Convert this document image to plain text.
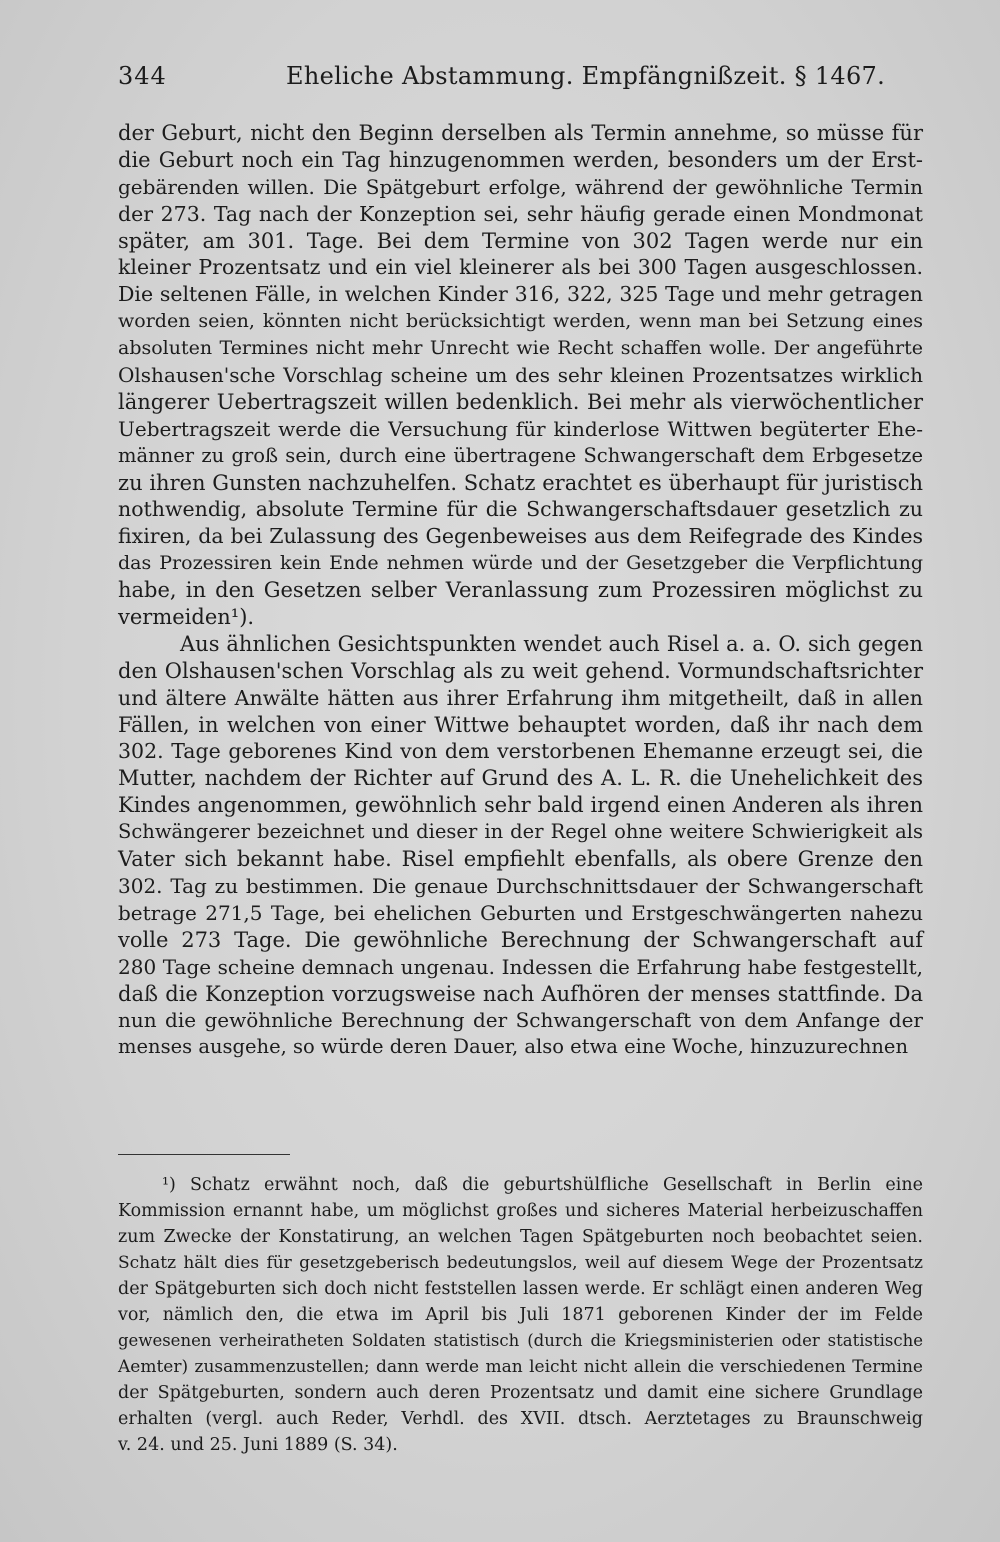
344	Eheliche Abstammung. Empfängnißzeit. § 1467.
der Geburt, nicht den Beginn derselben als Termin annehme, so müsse für
die Geburt noch ein Tag hinzugenommen werden, besonders um der Erst-
gebärenden willen. Die Spätgeburt erfolge, während der gewöhnliche Termin
der 273. Tag nach der Konzeption sei, sehr häufig gerade einen Mondmonat
später, am 301. Tage. Bei dem Termine von 302 Tagen werde nur ein
kleiner Prozentsatz und ein viel kleinerer als bei 300 Tagen ausgeschlossen.
Die seltenen Fälle, in welchen Kinder 316, 322, 325 Tage und mehr getragen
worden seien, könnten nicht berücksichtigt werden, wenn man bei Setzung eines
absoluten Termines nicht mehr Unrecht wie Recht schaffen wolle. Der angeführte
Olshausen'sche Vorschlag scheine um des sehr kleinen Prozentsatzes wirklich
längerer Uebertragszeit willen bedenklich. Bei mehr als vierwöchentlicher
Uebertragszeit werde die Versuchung für kinderlose Wittwen begüterter Ehe-
männer zu groß sein, durch eine übertragene Schwangerschaft dem Erbgesetze
zu ihren Gunsten nachzuhelfen. Schatz erachtet es überhaupt für juristisch
nothwendig, absolute Termine für die Schwangerschaftsdauer gesetzlich zu
fixiren, da bei Zulassung des Gegenbeweises aus dem Reifegrade des Kindes
das Prozessiren kein Ende nehmen würde und der Gesetzgeber die Verpflichtung
habe, in den Gesetzen selber Veranlassung zum Prozessiren möglichst zu
vermeiden¹).
Aus ähnlichen Gesichtspunkten wendet auch Risel a. a. O. sich gegen
den Olshausen'schen Vorschlag als zu weit gehend. Vormundschaftsrichter
und ältere Anwälte hätten aus ihrer Erfahrung ihm mitgetheilt, daß in allen
Fällen, in welchen von einer Wittwe behauptet worden, daß ihr nach dem
302. Tage geborenes Kind von dem verstorbenen Ehemanne erzeugt sei, die
Mutter, nachdem der Richter auf Grund des A. L. R. die Unehelichkeit des
Kindes angenommen, gewöhnlich sehr bald irgend einen Anderen als ihren
Schwängerer bezeichnet und dieser in der Regel ohne weitere Schwierigkeit als
Vater sich bekannt habe. Risel empfiehlt ebenfalls, als obere Grenze den
302. Tag zu bestimmen. Die genaue Durchschnittsdauer der Schwangerschaft
betrage 271,5 Tage, bei ehelichen Geburten und Erstgeschwängerten nahezu
volle 273 Tage. Die gewöhnliche Berechnung der Schwangerschaft auf
280 Tage scheine demnach ungenau. Indessen die Erfahrung habe festgestellt,
daß die Konzeption vorzugsweise nach Aufhören der menses stattfinde. Da
nun die gewöhnliche Berechnung der Schwangerschaft von dem Anfange der
menses ausgehe, so würde deren Dauer, also etwa eine Woche, hinzuzurechnen
¹) Schatz erwähnt noch, daß die geburtshülfliche Gesellschaft in Berlin eine
Kommission ernannt habe, um möglichst großes und sicheres Material herbeizuschaffen
zum Zwecke der Konstatirung, an welchen Tagen Spätgeburten noch beobachtet seien.
Schatz hält dies für gesetzgeberisch bedeutungslos, weil auf diesem Wege der Prozentsatz
der Spätgeburten sich doch nicht feststellen lassen werde. Er schlägt einen anderen Weg
vor, nämlich den, die etwa im April bis Juli 1871 geborenen Kinder der im Felde
gewesenen verheiratheten Soldaten statistisch (durch die Kriegsministerien oder statistische
Aemter) zusammenzustellen; dann werde man leicht nicht allein die verschiedenen Termine
der Spätgeburten, sondern auch deren Prozentsatz und damit eine sichere Grundlage
erhalten (vergl. auch Reder, Verhdl. des XVII. dtsch. Aerztetages zu Braunschweig
v. 24. und 25. Juni 1889 (S. 34).
